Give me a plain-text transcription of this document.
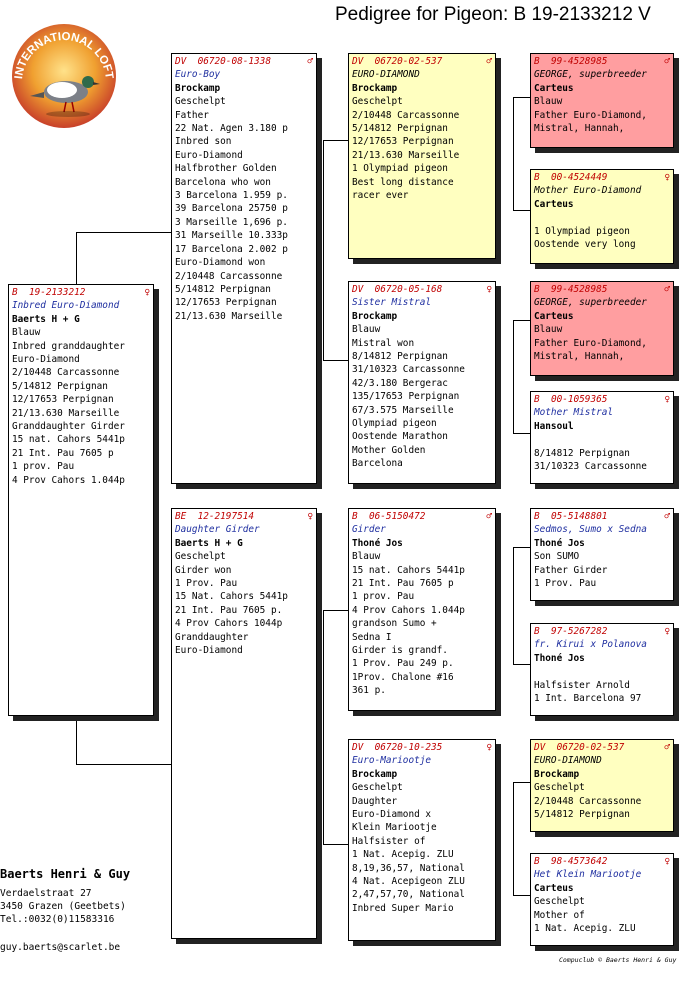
Pedigree for Pigeon: B 19-2133212 V
INTERNATIONAL LOFT
B 19-2133212	♀
Inbred Euro-Diamond
Baerts H + G
Blauw
Inbred granddaughter
Euro-Diamond
2/10448 Carcassonne
5/14812 Perpignan
12/17653 Perpignan
21/13.630 Marseille
Granddaughter Girder
15 nat. Cahors 5441p
21 Int. Pau 7605 p
1 prov. Pau
4 Prov Cahors 1.044p
DV 06720-08-1338	♂
Euro-Boy
Brockamp
Geschelpt
Father
22 Nat. Agen 3.180 p
Inbred son
Euro-Diamond
Halfbrother Golden
Barcelona who won
3 Barcelona 1.959 p.
39 Barcelona 25750 p
3 Marseille 1,696 p.
31 Marseille 10.333p
17 Barcelona 2.002 p
Euro-Diamond won
2/10448 Carcassonne
5/14812 Perpignan
12/17653 Perpignan
21/13.630 Marseille
BE 12-2197514	♀
Daughter Girder
Baerts H + G
Geschelpt
Girder won
1 Prov. Pau
15 Nat. Cahors 5441p
21 Int. Pau 7605 p.
4 Prov Cahors 1044p
Granddaughter
Euro-Diamond
DV 06720-02-537	♂
EURO-DIAMOND
Brockamp
Geschelpt
2/10448 Carcassonne
5/14812 Perpignan
12/17653 Perpignan
21/13.630 Marseille
1 Olympiad pigeon
Best long distance
racer ever
DV 06720-05-168	♀
Sister Mistral
Brockamp
Blauw
Mistral won
8/14812 Perpignan
31/10323 Carcassonne
42/3.180 Bergerac
135/17653 Perpignan
67/3.575 Marseille
Olympiad pigeon
Oostende Marathon
Mother Golden
Barcelona
B 06-5150472	♂
Girder
Thoné Jos
Blauw
15 nat. Cahors 5441p
21 Int. Pau 7605 p
1 prov. Pau
4 Prov Cahors 1.044p
grandson Sumo +
Sedna I
Girder is grandf.
1 Prov. Pau 249 p.
1Prov. Chalone #16
361 p.
DV 06720-10-235	♀
Euro-Mariootje
Brockamp
Geschelpt
Daughter
Euro-Diamond x
Klein Mariootje
Halfsister of
1 Nat. Acepig. ZLU
8,19,36,57, National
4 Nat. Acepigeon ZLU
2,47,57,70, National
Inbred Super Mario
B 99-4528985	♂
GEORGE, superbreeder
Carteus
Blauw
Father Euro-Diamond,
Mistral, Hannah,
B 00-4524449	♀
Mother Euro-Diamond
Carteus
1 Olympiad pigeon
Oostende very long
B 99-4528985	♂
GEORGE, superbreeder
Carteus
Blauw
Father Euro-Diamond,
Mistral, Hannah,
B 00-1059365	♀
Mother Mistral
Hansoul
8/14812 Perpignan
31/10323 Carcassonne
B 05-5148801	♂
Sedmos, Sumo x Sedna
Thoné Jos
Son SUMO
Father Girder
1 Prov. Pau
B 97-5267282	♀
fr. Kirui x Polanova
Thoné Jos
Halfsister Arnold
1 Int. Barcelona 97
DV 06720-02-537	♂
EURO-DIAMOND
Brockamp
Geschelpt
2/10448 Carcassonne
5/14812 Perpignan
B 98-4573642	♀
Het Klein Mariootje
Carteus
Geschelpt
Mother of
1 Nat. Acepig. ZLU
Baerts Henri & Guy
Verdaelstraat 27
3450 Grazen (Geetbets)
Tel.:0032(0)11583316
guy.baerts@scarlet.be
Compuclub © Baerts Henri & Guy
